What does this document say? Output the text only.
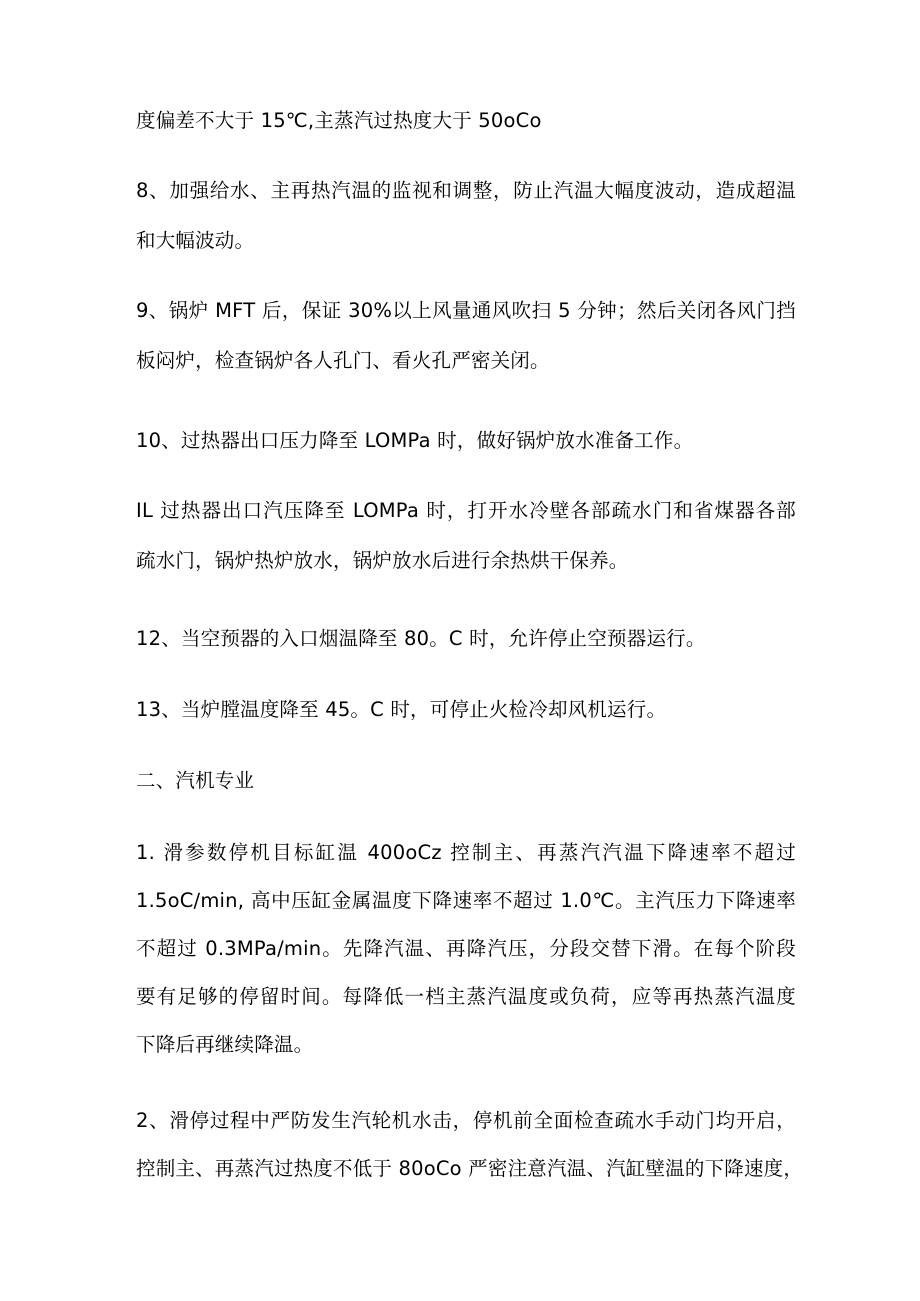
度偏差不大于 15℃,主蒸汽过热度大于 50oCo
8、加强给水、主再热汽温的监视和调整，防止汽温大幅度波动，造成超温
和大幅波动。
9、锅炉 MFT 后，保证 30%以上风量通风吹扫 5 分钟；然后关闭各风门挡
板闷炉，检查锅炉各人孔门、看火孔严密关闭。
10、过热器出口压力降至 LOMPa 时，做好锅炉放水准备工作。
IL 过热器出口汽压降至 LOMPa 时，打开水冷壁各部疏水门和省煤器各部
疏水门，锅炉热炉放水，锅炉放水后进行余热烘干保养。
12、当空预器的入口烟温降至 80。C 时，允许停止空预器运行。
13、当炉膛温度降至 45。C 时，可停止火检冷却风机运行。
二、汽机专业
1. 滑参数停机目标缸温 400oCz 控制主、再蒸汽汽温下降速率不超过
1.5oC∕min, 高中压缸金属温度下降速率不超过 1.0℃。主汽压力下降速率
不超过 0.3MPa/min。先降汽温、再降汽压，分段交替下滑。在每个阶段
要有足够的停留时间。每降低一档主蒸汽温度或负荷，应等再热蒸汽温度
下降后再继续降温。
2、滑停过程中严防发生汽轮机水击，停机前全面检查疏水手动门均开启，
控制主、再蒸汽过热度不低于 80oCo 严密注意汽温、汽缸壁温的下降速度，
